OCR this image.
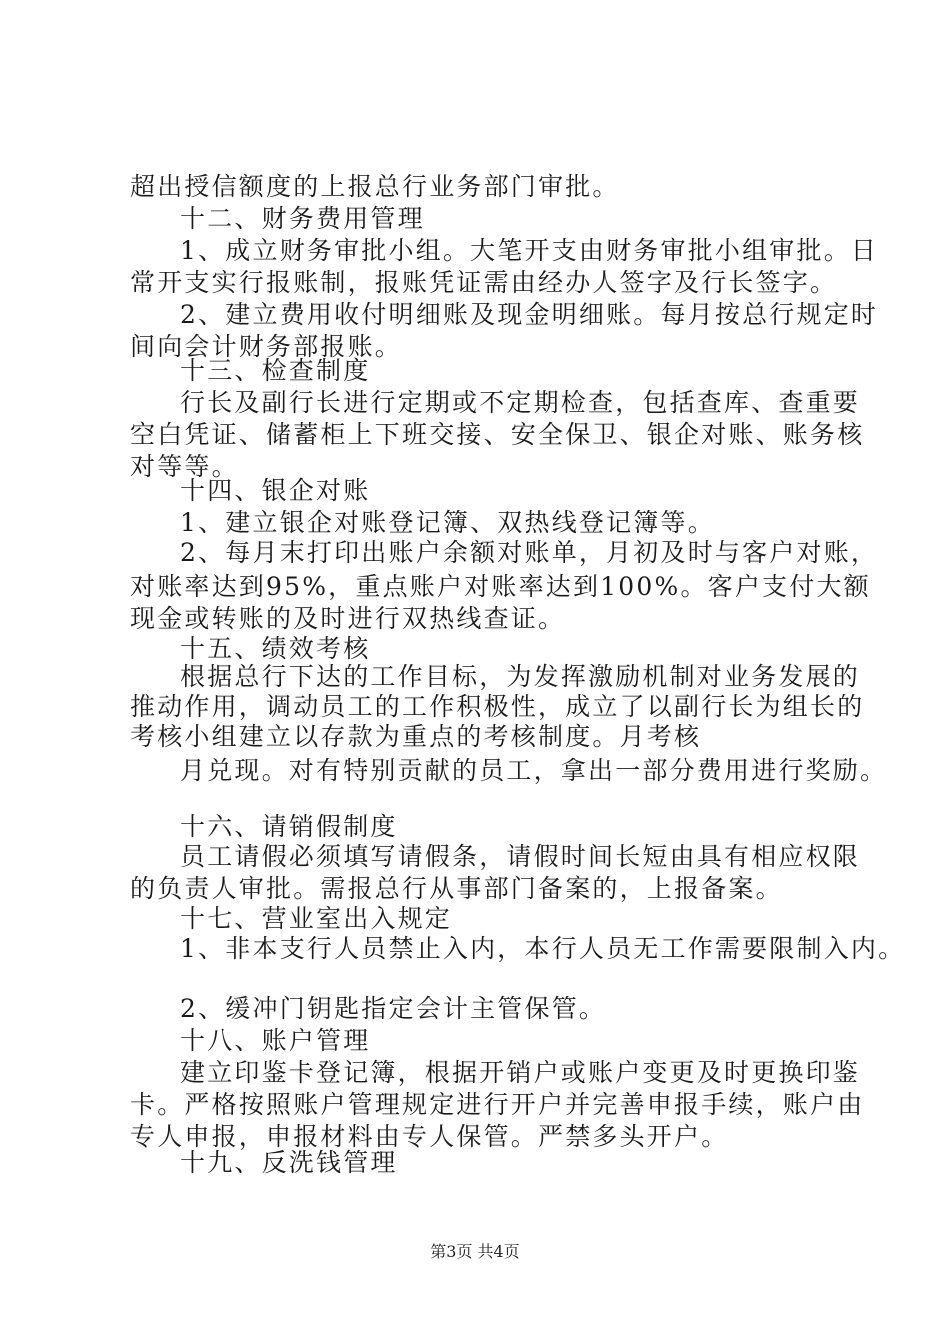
超出授信额度的上报总行业务部门审批。
十二、财务费用管理
1、成立财务审批小组。大笔开支由财务审批小组审批。日
常开支实行报账制，报账凭证需由经办人签字及行长签字。
2、建立费用收付明细账及现金明细账。每月按总行规定时
间向会计财务部报账。
十三、检查制度
行长及副行长进行定期或不定期检查，包括查库、查重要
空白凭证、储蓄柜上下班交接、安全保卫、银企对账、账务核
对等等。
十四、银企对账
1、建立银企对账登记簿、双热线登记簿等。
2、每月末打印出账户余额对账单，月初及时与客户对账，
对账率达到95%，重点账户对账率达到100%。客户支付大额
现金或转账的及时进行双热线查证。
十五、绩效考核
根据总行下达的工作目标，为发挥激励机制对业务发展的
推动作用，调动员工的工作积极性，成立了以副行长为组长的
考核小组建立以存款为重点的考核制度。月考核
月兑现。对有特别贡献的员工，拿出一部分费用进行奖励。
十六、请销假制度
员工请假必须填写请假条，请假时间长短由具有相应权限
的负责人审批。需报总行从事部门备案的，上报备案。
十七、营业室出入规定
1、非本支行人员禁止入内，本行人员无工作需要限制入内。
2、缓冲门钥匙指定会计主管保管。
十八、账户管理
建立印鉴卡登记簿，根据开销户或账户变更及时更换印鉴
卡。严格按照账户管理规定进行开户并完善申报手续，账户由
专人申报，申报材料由专人保管。严禁多头开户。
十九、反洗钱管理
第3页 共4页
